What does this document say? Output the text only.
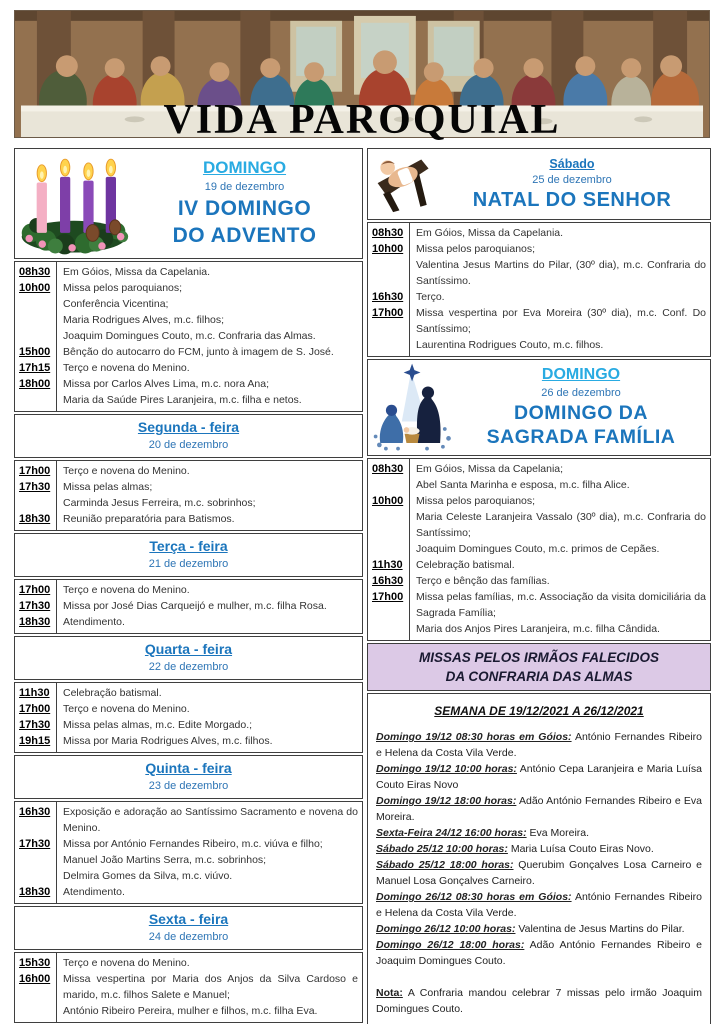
VIDA PAROQUIAL
DOMINGO
19 de dezembro
IV DOMINGO
DO ADVENTO
08h30	Em Góios, Missa da Capelania.
10h00	Missa pelos paroquianos;
Conferência Vicentina;
Maria Rodrigues Alves, m.c. filhos;
Joaquim Domingues Couto, m.c. Confraria das Almas.
15h00	Bênção do autocarro do FCM, junto à imagem de S. José.
17h15	Terço e novena do Menino.
18h00	Missa por Carlos Alves Lima, m.c. nora Ana;
Maria da Saúde Pires Laranjeira, m.c. filha e netos.
Segunda - feira
20 de dezembro
17h00	Terço e novena do Menino.
17h30	Missa pelas almas;
Carminda Jesus Ferreira, m.c. sobrinhos;
18h30	Reunião preparatória para Batismos.
Terça - feira
21 de dezembro
17h00	Terço e novena do Menino.
17h30	Missa por José Dias Carqueijó e mulher, m.c. filha Rosa.
18h30	Atendimento.
Quarta - feira
22 de dezembro
11h30	Celebração batismal.
17h00	Terço e novena do Menino.
17h30	Missa pelas almas, m.c. Edite Morgado.;
19h15	Missa por Maria Rodrigues Alves, m.c. filhos.
Quinta - feira
23 de dezembro
16h30	Exposição e adoração ao Santíssimo Sacramento e novena do Menino.
17h30	Missa por António Fernandes Ribeiro, m.c. viúva e filho;
Manuel João Martins Serra, m.c. sobrinhos;
Delmira Gomes da Silva, m.c. viúvo.
18h30	Atendimento.
Sexta - feira
24 de dezembro
15h30	Terço e novena do Menino.
16h00	Missa vespertina por Maria dos Anjos da Silva Cardoso e marido, m.c. filhos Salete e Manuel;
António Ribeiro Pereira, mulher e filhos, m.c. filha Eva.
Sábado
25 de dezembro
NATAL DO SENHOR
08h30	Em Góios, Missa da Capelania.
10h00	Missa pelos paroquianos;
Valentina Jesus Martins do Pilar, (30º dia), m.c. Confraria do Santíssimo.
16h30	Terço.
17h00	Missa vespertina por Eva Moreira (30º dia), m.c. Conf. Do Santíssimo;
Laurentina Rodrigues Couto, m.c. filhos.
DOMINGO
26 de dezembro
DOMINGO DA
SAGRADA FAMÍLIA
08h30	Em Góios, Missa da Capelania;
Abel Santa Marinha e esposa, m.c. filha Alice.
10h00	Missa pelos paroquianos;
Maria Celeste Laranjeira Vassalo (30º dia), m.c. Confraria do Santíssimo;
Joaquim Domingues Couto, m.c. primos de Cepães.
11h30	Celebração batismal.
16h30	Terço e bênção das famílias.
17h00	Missa pelas famílias, m.c. Associação da visita domiciliária da Sagrada Família;
Maria dos Anjos Pires Laranjeira, m.c. filha Cândida.
MISSAS PELOS IRMÃOS FALECIDOS
DA CONFRARIA DAS ALMAS
SEMANA DE 19/12/2021 A 26/12/2021

Domingo 19/12 08:30 horas em Góios: António Fernandes Ribeiro e Helena da Costa Vila Verde.

Domingo 19/12 10:00 horas: António Cepa Laranjeira e Maria Luísa Couto Eiras Novo

Domingo 19/12 18:00 horas: Adão António Fernandes Ribeiro e Eva Moreira.

Sexta-Feira 24/12 16:00 horas: Eva Moreira.

Sábado 25/12 10:00 horas: Maria Luísa Couto Eiras Novo.

Sábado 25/12 18:00 horas: Querubim Gonçalves Losa Carneiro e Manuel Losa Gonçalves Carneiro.

Domingo 26/12 08:30 horas em Góios: António Fernandes Ribeiro e Helena da Costa Vila Verde.

Domingo 26/12 10:00 horas: Valentina de Jesus Martins do Pilar.

Domingo 26/12 18:00 horas: Adão António Fernandes Ribeiro e Joaquim Domingues Couto.

Nota: A Confraria mandou celebrar 7 missas pelo irmão Joaquim Domingues Couto.
